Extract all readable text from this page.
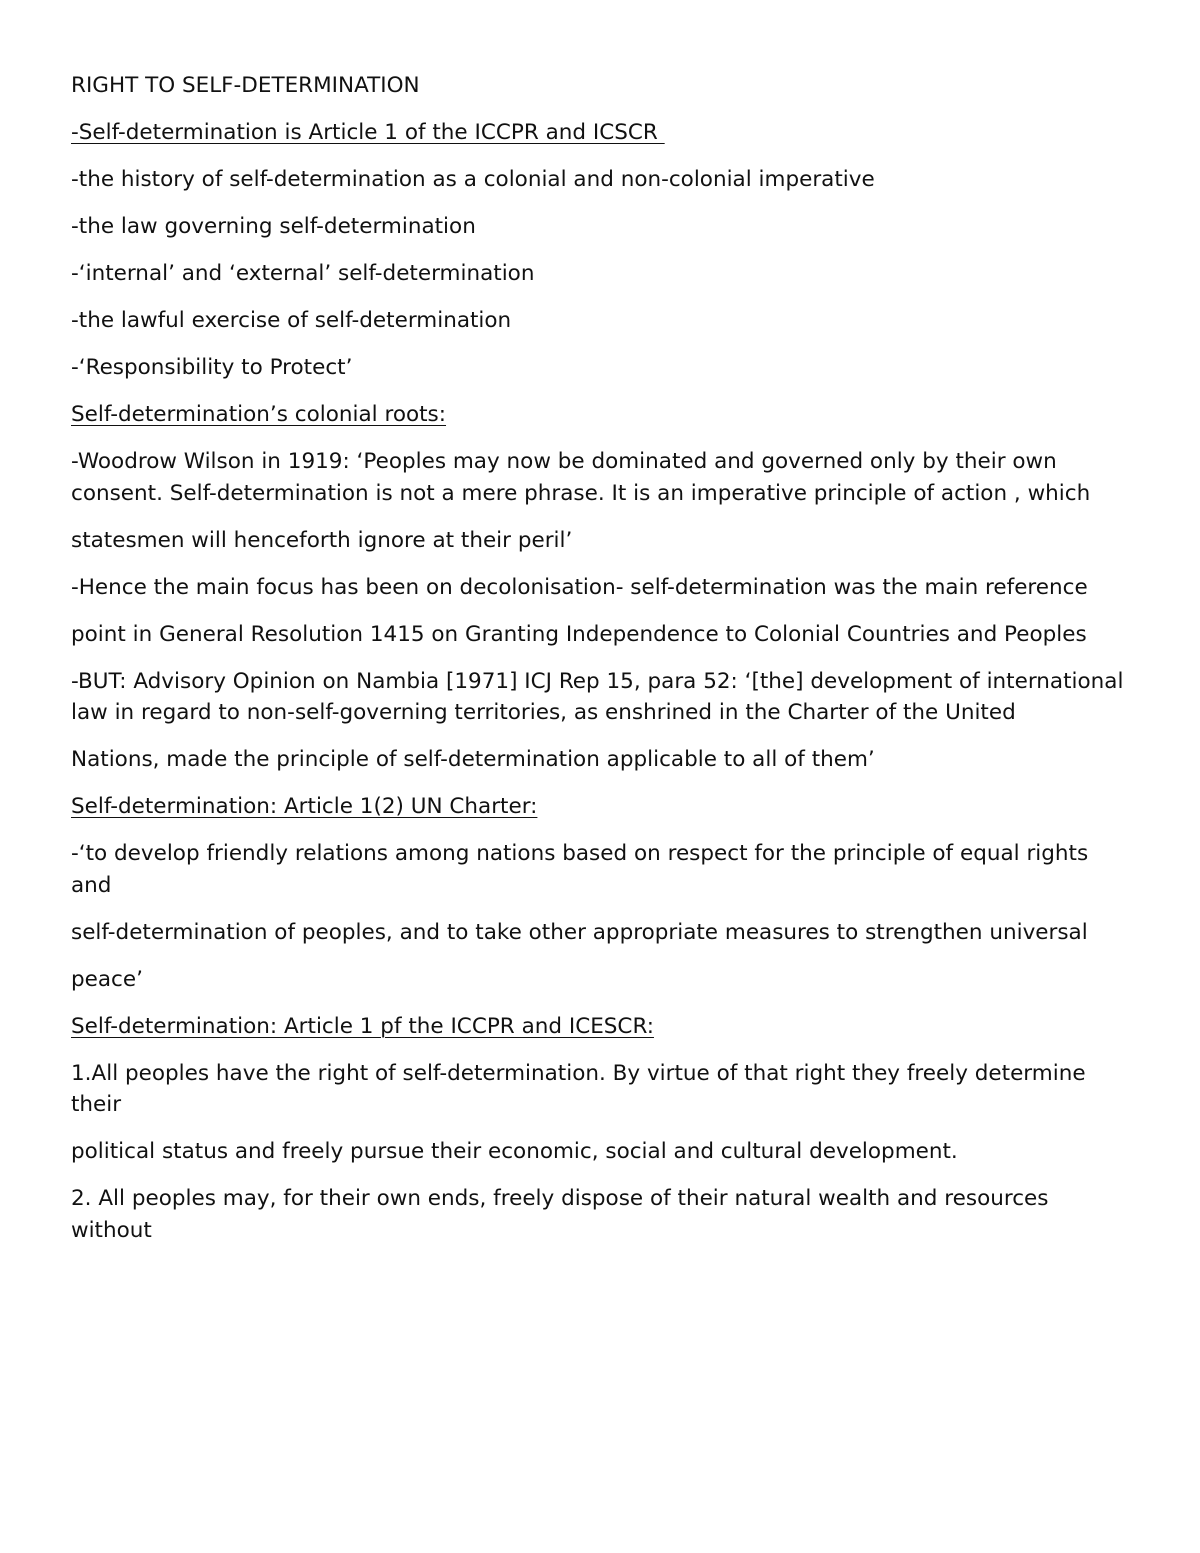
RIGHT TO SELF-DETERMINATION

-Self-determination is Article 1 of the ICCPR and ICSCR

-the history of self-determination as a colonial and non-colonial imperative

-the law governing self-determination

-‘internal’ and ‘external’ self-determination

-the lawful exercise of self-determination

-‘Responsibility to Protect’

Self-determination’s colonial roots:

-Woodrow Wilson in 1919: ‘Peoples may now be dominated and governed only by their own consent. Self-determination is not a mere phrase. It is an imperative principle of action , which

statesmen will henceforth ignore at their peril’

-Hence the main focus has been on decolonisation- self-determination was the main reference

point in General Resolution 1415 on Granting Independence to Colonial Countries and Peoples

-BUT: Advisory Opinion on Nambia [1971] ICJ Rep 15, para 52: ‘[the] development of international law in regard to non-self-governing territories, as enshrined in the Charter of the United

Nations, made the principle of self-determination applicable to all of them’

Self-determination: Article 1(2) UN Charter:

-‘to develop friendly relations among nations based on respect for the principle of equal rights and

self-determination of peoples, and to take other appropriate measures to strengthen universal

peace’

Self-determination: Article 1 pf the ICCPR and ICESCR:

1.All peoples have the right of self-determination. By virtue of that right they freely determine their

political status and freely pursue their economic, social and cultural development.

2. All peoples may, for their own ends, freely dispose of their natural wealth and resources without
